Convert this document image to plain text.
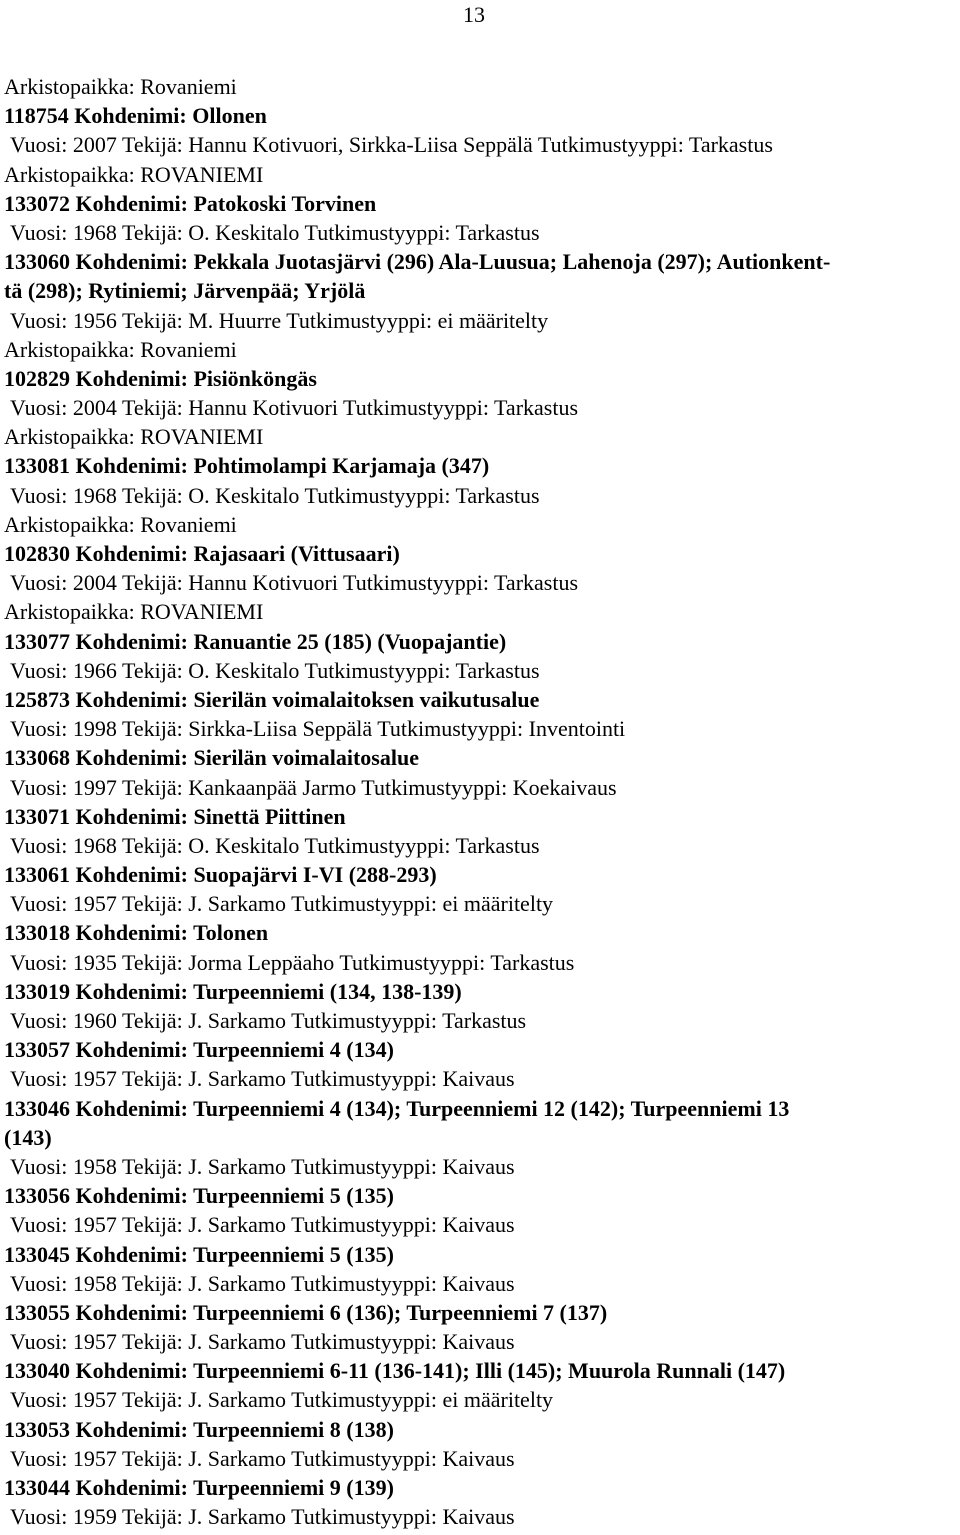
13
Arkistopaikka: Rovaniemi
118754 Kohdenimi: Ollonen
Vuosi: 2007 Tekijä: Hannu Kotivuori, Sirkka-Liisa Seppälä Tutkimustyyppi: Tarkastus
Arkistopaikka: ROVANIEMI
133072 Kohdenimi: Patokoski Torvinen
Vuosi: 1968 Tekijä: O. Keskitalo Tutkimustyyppi: Tarkastus
133060 Kohdenimi: Pekkala Juotasjärvi (296) Ala-Luusua; Lahenoja (297); Autionkent-
tä (298); Rytiniemi; Järvenpää; Yrjölä
Vuosi: 1956 Tekijä: M. Huurre Tutkimustyyppi: ei määritelty
Arkistopaikka: Rovaniemi
102829 Kohdenimi: Pisiönköngäs
Vuosi: 2004 Tekijä: Hannu Kotivuori Tutkimustyyppi: Tarkastus
Arkistopaikka: ROVANIEMI
133081 Kohdenimi: Pohtimolampi Karjamaja (347)
Vuosi: 1968 Tekijä: O. Keskitalo Tutkimustyyppi: Tarkastus
Arkistopaikka: Rovaniemi
102830 Kohdenimi: Rajasaari (Vittusaari)
Vuosi: 2004 Tekijä: Hannu Kotivuori Tutkimustyyppi: Tarkastus
Arkistopaikka: ROVANIEMI
133077 Kohdenimi: Ranuantie 25 (185) (Vuopajantie)
Vuosi: 1966 Tekijä: O. Keskitalo Tutkimustyyppi: Tarkastus
125873 Kohdenimi: Sierilän voimalaitoksen vaikutusalue
Vuosi: 1998 Tekijä: Sirkka-Liisa Seppälä Tutkimustyyppi: Inventointi
133068 Kohdenimi: Sierilän voimalaitosalue
Vuosi: 1997 Tekijä: Kankaanpää Jarmo Tutkimustyyppi: Koekaivaus
133071 Kohdenimi: Sinettä Piittinen
Vuosi: 1968 Tekijä: O. Keskitalo Tutkimustyyppi: Tarkastus
133061 Kohdenimi: Suopajärvi I-VI (288-293)
Vuosi: 1957 Tekijä: J. Sarkamo Tutkimustyyppi: ei määritelty
133018 Kohdenimi: Tolonen
Vuosi: 1935 Tekijä: Jorma Leppäaho Tutkimustyyppi: Tarkastus
133019 Kohdenimi: Turpeenniemi (134, 138-139)
Vuosi: 1960 Tekijä: J. Sarkamo Tutkimustyyppi: Tarkastus
133057 Kohdenimi: Turpeenniemi 4 (134)
Vuosi: 1957 Tekijä: J. Sarkamo Tutkimustyyppi: Kaivaus
133046 Kohdenimi: Turpeenniemi 4 (134); Turpeenniemi 12 (142); Turpeenniemi 13
(143)
Vuosi: 1958 Tekijä: J. Sarkamo Tutkimustyyppi: Kaivaus
133056 Kohdenimi: Turpeenniemi 5 (135)
Vuosi: 1957 Tekijä: J. Sarkamo Tutkimustyyppi: Kaivaus
133045 Kohdenimi: Turpeenniemi 5 (135)
Vuosi: 1958 Tekijä: J. Sarkamo Tutkimustyyppi: Kaivaus
133055 Kohdenimi: Turpeenniemi 6 (136); Turpeenniemi 7 (137)
Vuosi: 1957 Tekijä: J. Sarkamo Tutkimustyyppi: Kaivaus
133040 Kohdenimi: Turpeenniemi 6-11 (136-141); Illi (145); Muurola Runnali (147)
Vuosi: 1957 Tekijä: J. Sarkamo Tutkimustyyppi: ei määritelty
133053 Kohdenimi: Turpeenniemi 8 (138)
Vuosi: 1957 Tekijä: J. Sarkamo Tutkimustyyppi: Kaivaus
133044 Kohdenimi: Turpeenniemi 9 (139)
Vuosi: 1959 Tekijä: J. Sarkamo Tutkimustyyppi: Kaivaus
